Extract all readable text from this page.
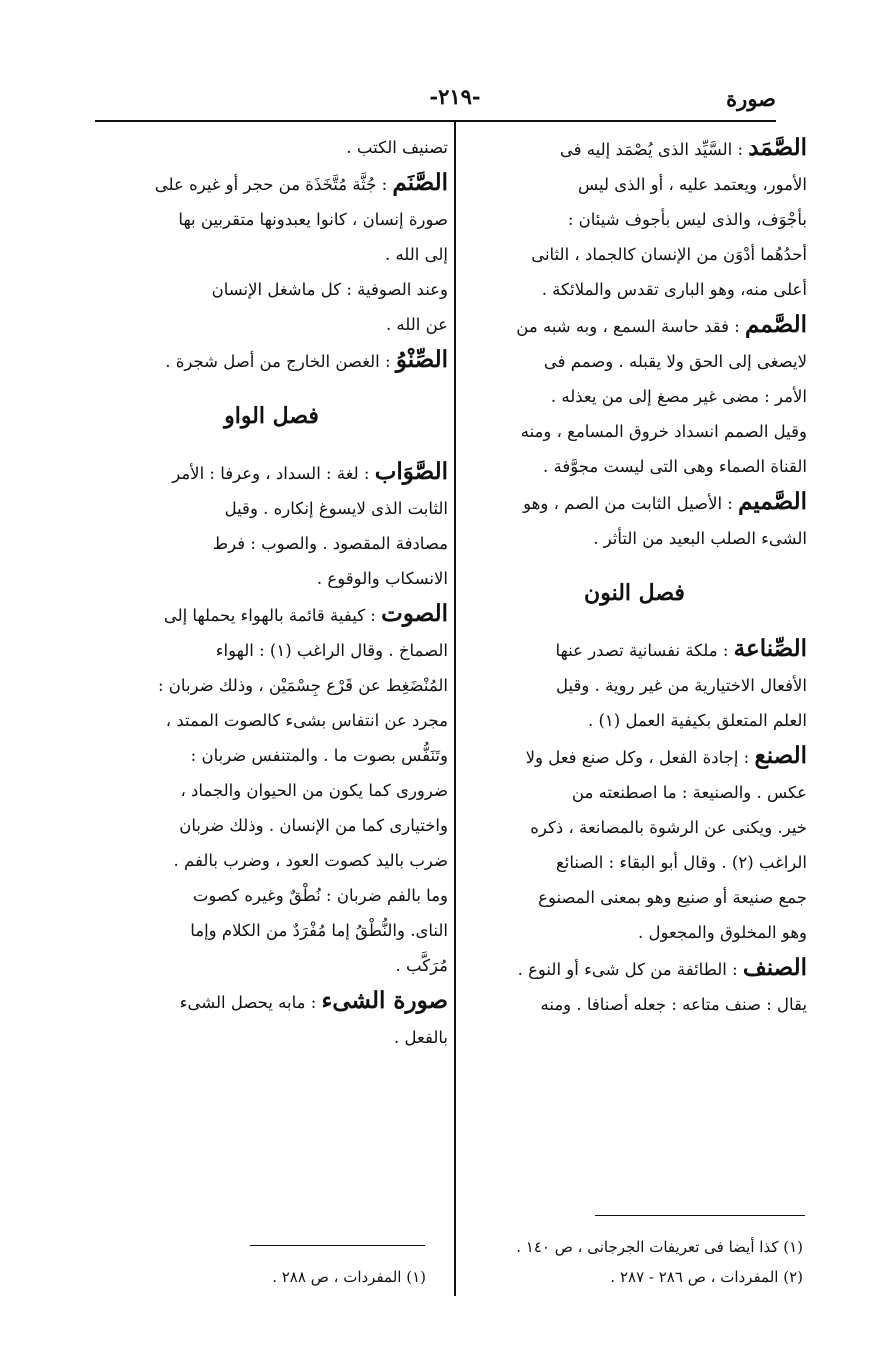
صورة
-٢١٩-
الصَّمَد : السَّيِّد الذى يُصْمَد إليه فى
الأمور، ويعتمد عليه ، أو الذى ليس
بأجْوَف، والذى ليس بأجوف شيئان :
أحدُهُما أدْوَن من الإنسان كالجماد ، الثانى
أعلى منه، وهو البارى تقدس والملائكة .
الصَّمم : فقد حاسة السمع ، وبه شبه من
لايصغى إلى الحق ولا يقبله . وصمم فى
الأمر : مضى غير مصغ إلى من يعذله .
وقيل الصمم انسداد خروق المسامع ، ومنه
القناة الصماء وهى التى ليست مجوَّفة .
الصَّميم : الأصيل الثابت من الصم ، وهو
الشىء الصلب البعيد من التأثر .
فصل النون
الصِّناعة : ملكة نفسانية تصدر عنها
الأفعال الاختيارية من غير روية . وقيل
العلم المتعلق بكيفية العمل (١) .
الصنع : إجادة الفعل ، وكل صنع فعل ولا
عكس . والصنيعة : ما اصطنعته من
خير. ويكنى عن الرشوة بالمصانعة ، ذكره
الراغب (٢) . وقال أبو البقاء : الصنائع
جمع صنيعة أو صنيع وهو بمعنى المصنوع
وهو المخلوق والمجعول .
الصنف : الطائفة من كل شىء أو النوع .
يقال : صنف متاعه : جعله أصنافا . ومنه
تصنيف الكتب .
الصَّنَم : جُثَّة مُتَّخَذَة من حجر أو غيره على
صورة إنسان ، كانوا يعبدونها متقربين بها
إلى الله .
وعند الصوفية : كل ماشغل الإنسان
عن الله .
الصِّنْوُ : الغصن الخارج من أصل شجرة .
فصل الواو
الصَّوَاب : لغة : السداد ، وعرفا : الأمر
الثابت الذى لايسوغ إنكاره . وقيل
مصادفة المقصود . والصوب : فرط
الانسكاب والوقوع .
الصوت : كيفية قائمة بالهواء يحملها إلى
الصماخ . وقال الراغب (١) : الهواء
المُنْضَغِط عن قَرْع جِسْمَيْن ، وذلك ضربان :
مجرد عن انتفاس بشىء كالصوت الممتد ،
وتَنَفُّس بصوت ما . والمتنفس ضربان :
ضرورى كما يكون من الحيوان والجماد ،
واختيارى كما من الإنسان . وذلك ضربان
ضرب باليد كصوت العود ، وضرب بالفم .
وما بالفم ضربان : نُطْقٌ وغيره كصوت
الناى. والنُّطْقُ إما مُفْرَدٌ من الكلام وإما
مُرَكَّب .
صورة الشىء : مابه يحصل الشىء
بالفعل .
(١) كذا أيضا فى تعريفات الجرجانى ، ص ١٤٠ .
(٢) المفردات ، ص ٢٨٦ - ٢٨٧ .
(١) المفردات ، ص ٢٨٨ .
